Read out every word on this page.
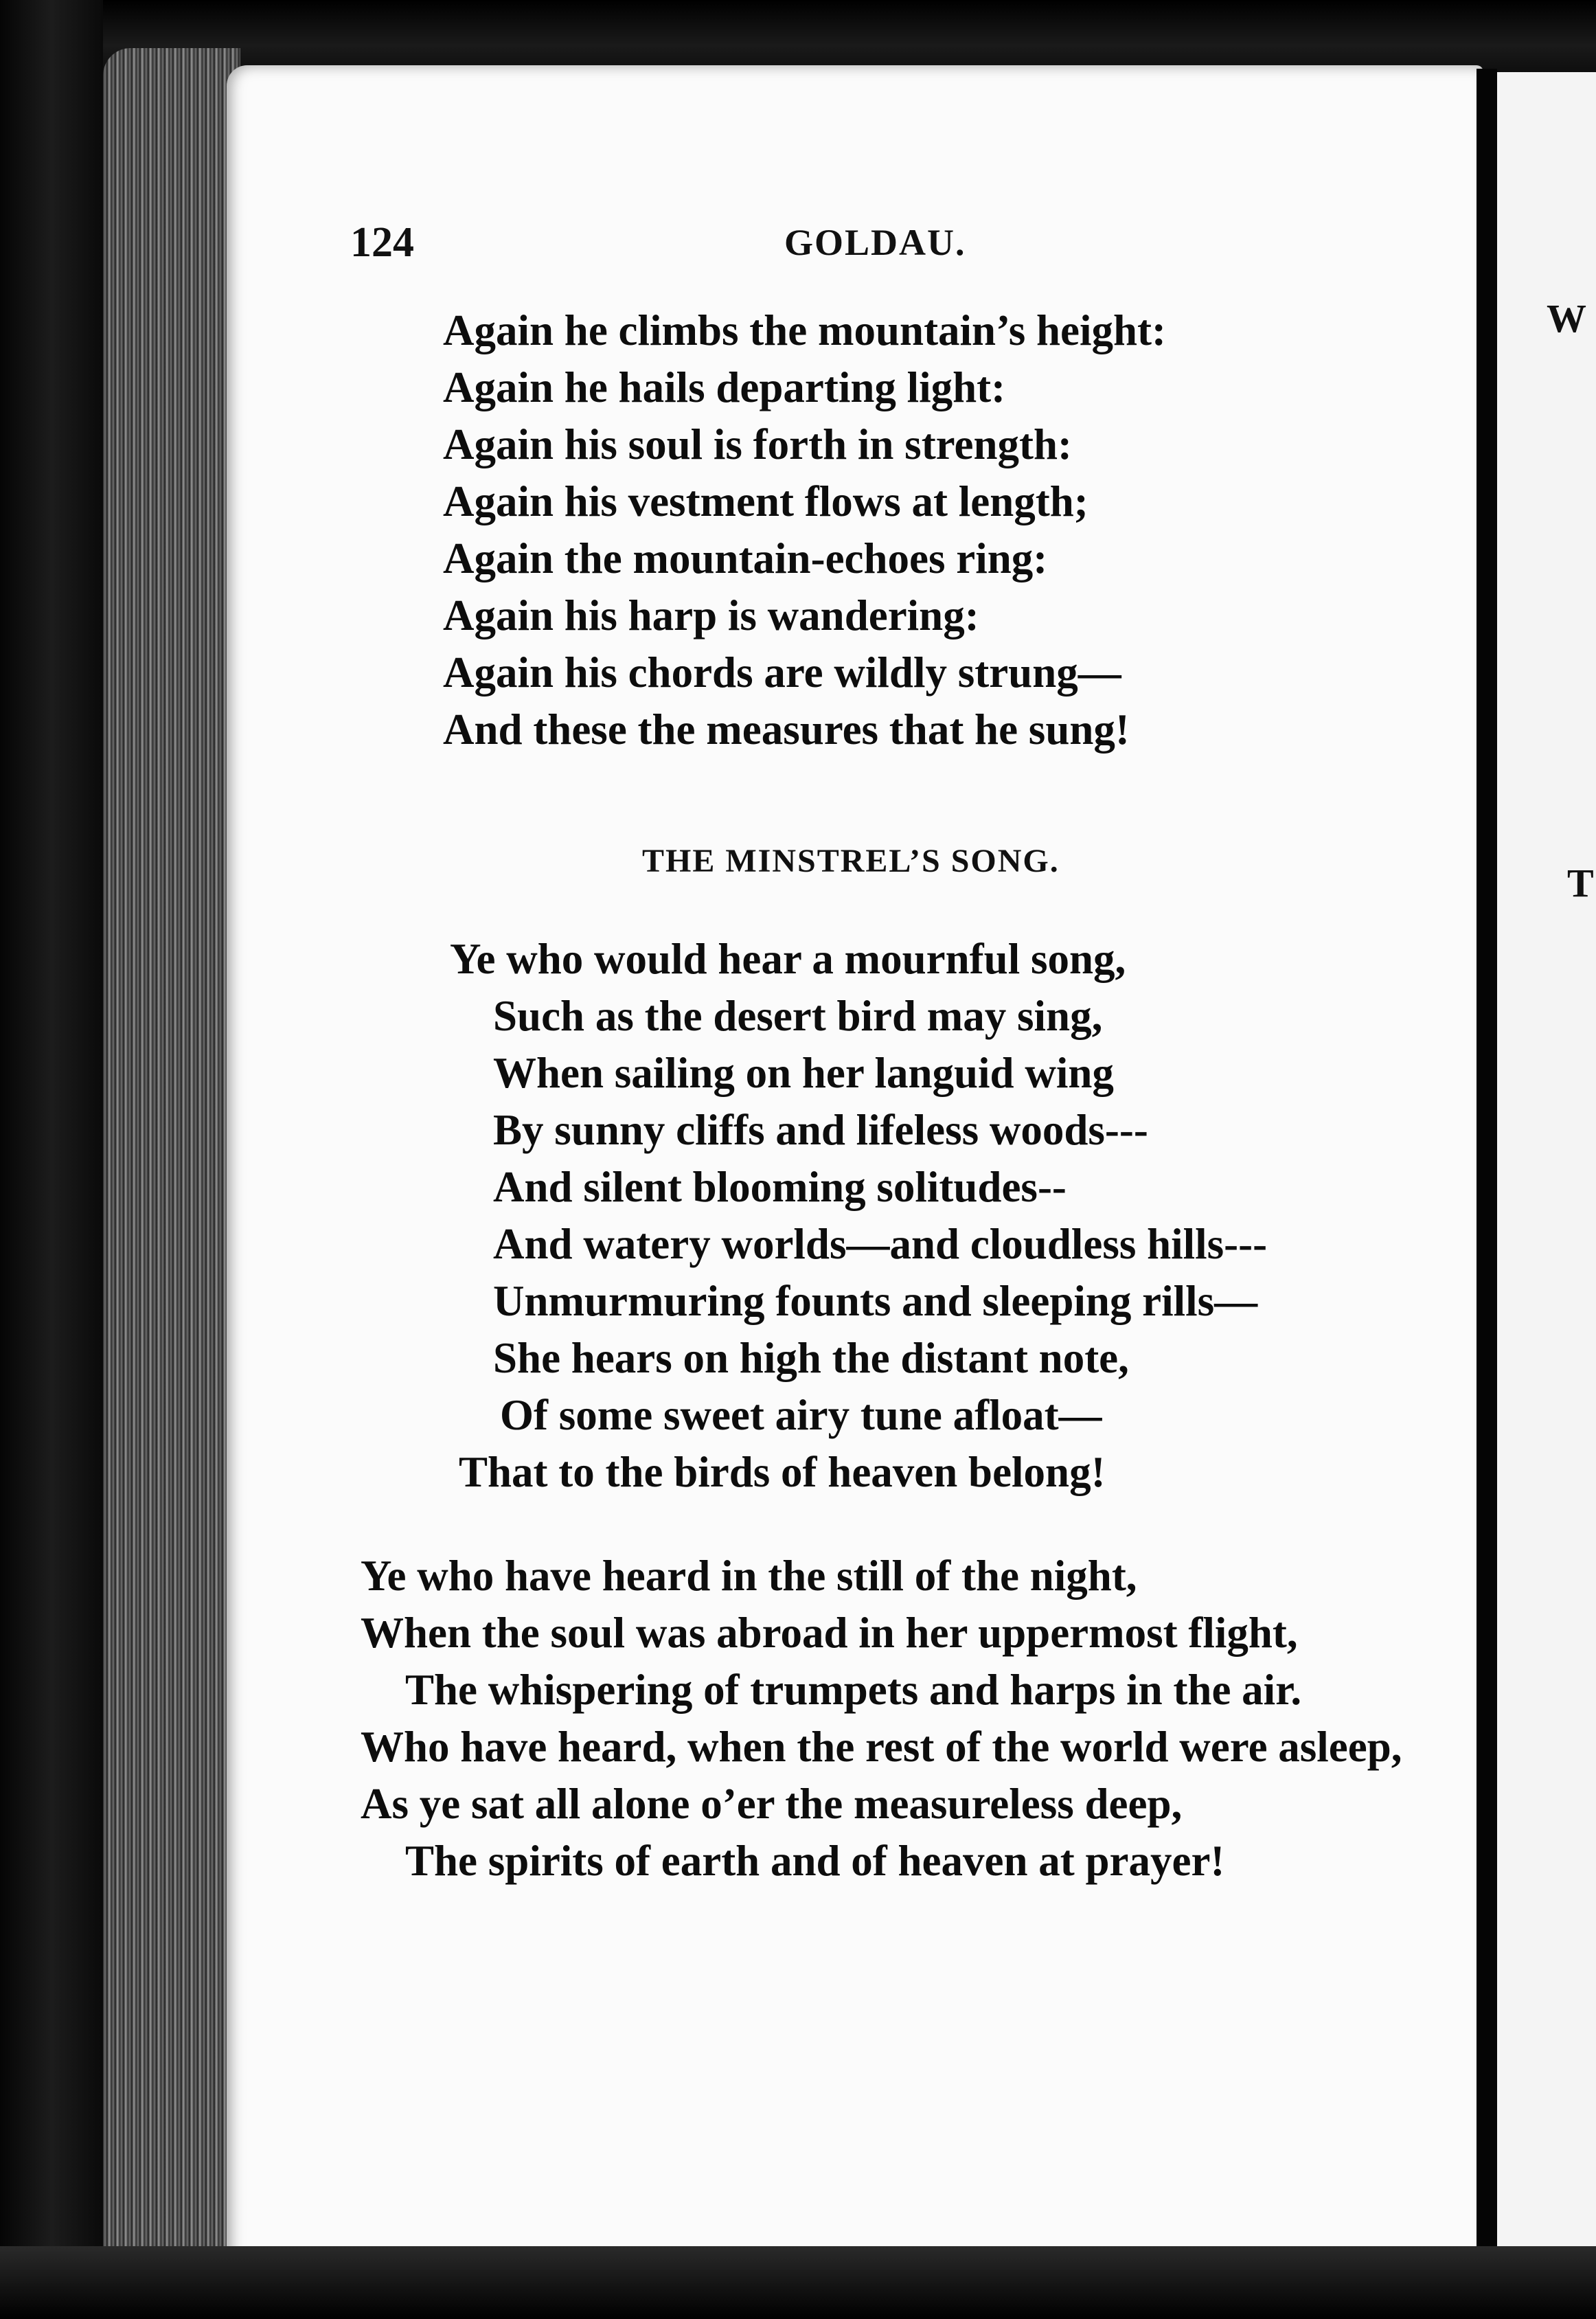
W
T
124	GOLDAU.
Again he climbs the mountain’s height:
Again he hails departing light:
Again his soul is forth in strength:
Again his vestment flows at length;
Again the mountain-echoes ring:
Again his harp is wandering:
Again his chords are wildly strung—
And these the measures that he sung!
THE MINSTREL’S SONG.
Ye who would hear a mournful song,
Such as the desert bird may sing,
When sailing on her languid wing
By sunny cliffs and lifeless woods---
And silent blooming solitudes--
And watery worlds—and cloudless hills---
Unmurmuring founts and sleeping rills—
She hears on high the distant note,
Of some sweet airy tune afloat—
That to the birds of heaven belong!
Ye who have heard in the still of the night,
When the soul was abroad in her uppermost flight,
The whispering of trumpets and harps in the air.
Who have heard, when the rest of the world were asleep,
As ye sat all alone o’er the measureless deep,
The spirits of earth and of heaven at prayer!
